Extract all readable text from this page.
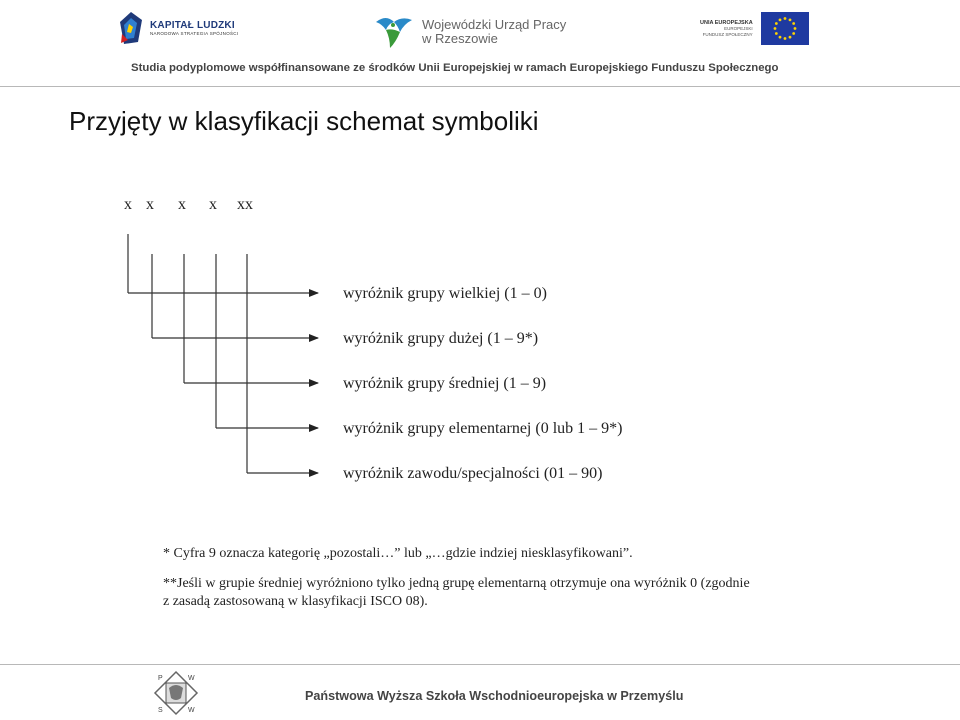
KAPITAŁ LUDZKI
NARODOWA STRATEGIA SPÓJNOŚCI
Wojewódzki Urząd Pracy
w Rzeszowie
UNIA EUROPEJSKA
EUROPEJSKI
FUNDUSZ SPOŁECZNY
Studia podyplomowe współfinansowane ze środków Unii Europejskiej w ramach Europejskiego Funduszu Społecznego
Przyjęty w klasyfikacji schemat symboliki
x x x x xx
wyróżnik grupy wielkiej (1 – 0)
wyróżnik grupy dużej (1 – 9*)
wyróżnik grupy średniej (1 – 9)
wyróżnik grupy elementarnej (0 lub 1 – 9*)
wyróżnik zawodu/specjalności (01 – 90)
* Cyfra 9 oznacza kategorię „pozostali…” lub „…gdzie indziej niesklasyfikowani”.
**Jeśli w grupie średniej wyróżniono tylko jedną grupę elementarną otrzymuje ona wyróżnik 0 (zgodnie
z zasadą zastosowaną w klasyfikacji ISCO 08).
P	W
S	W
Państwowa Wyższa Szkoła Wschodnioeuropejska w Przemyślu
